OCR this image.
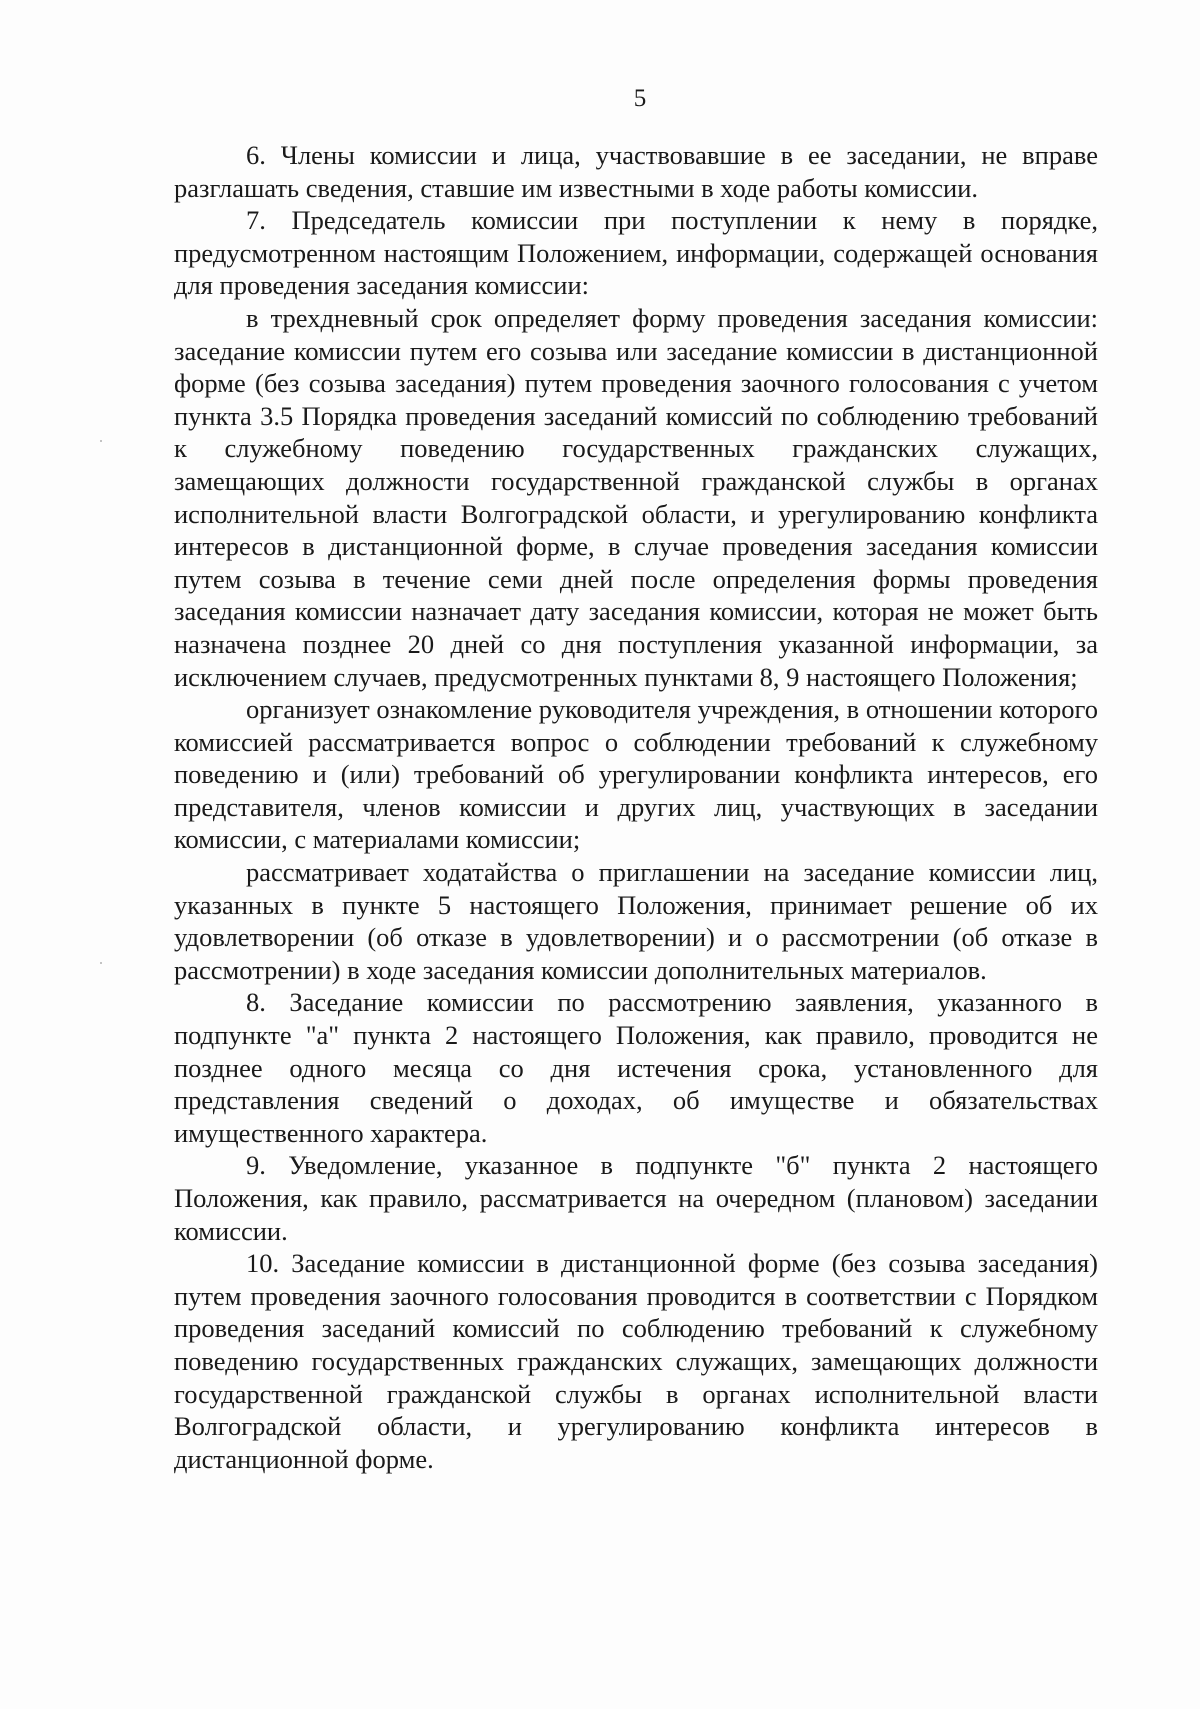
5

6. Члены комиссии и лица, участвовавшие в ее заседании, не вправе разглашать сведения, ставшие им известными в ходе работы комиссии.

7. Председатель комиссии при поступлении к нему в порядке, предусмотренном настоящим Положением, информации, содержащей основания для проведения заседания комиссии:

в трехдневный срок определяет форму проведения заседания комиссии: заседание комиссии путем его созыва или заседание комиссии в дистанционной форме (без созыва заседания) путем проведения заочного голосования с учетом пункта 3.5 Порядка проведения заседаний комиссий по соблюдению требований к служебному поведению государственных гражданских служащих, замещающих должности государственной гражданской службы в органах исполнительной власти Волгоградской области, и урегулированию конфликта интересов в дистанционной форме, в случае проведения заседания комиссии путем созыва в течение семи дней после определения формы проведения заседания комиссии назначает дату заседания комиссии, которая не может быть назначена позднее 20 дней со дня поступления указанной информации, за исключением случаев, предусмотренных пунктами 8, 9 настоящего Положения;

организует ознакомление руководителя учреждения, в отношении которого комиссией рассматривается вопрос о соблюдении требований к служебному поведению и (или) требований об урегулировании конфликта интересов, его представителя, членов комиссии и других лиц, участвующих в заседании комиссии, с материалами комиссии;

рассматривает ходатайства о приглашении на заседание комиссии лиц, указанных в пункте 5 настоящего Положения, принимает решение об их удовлетворении (об отказе в удовлетворении) и о рассмотрении (об отказе в рассмотрении) в ходе заседания комиссии дополнительных материалов.

8. Заседание комиссии по рассмотрению заявления, указанного в подпункте "а" пункта 2 настоящего Положения, как правило, проводится не позднее одного месяца со дня истечения срока, установленного для представления сведений о доходах, об имуществе и обязательствах имущественного характера.

9. Уведомление, указанное в подпункте "б" пункта 2 настоящего Положения, как правило, рассматривается на очередном (плановом) заседании комиссии.

10. Заседание комиссии в дистанционной форме (без созыва заседания) путем проведения заочного голосования проводится в соответствии с Порядком проведения заседаний комиссий по соблюдению требований к служебному поведению государственных гражданских служащих, замещающих должности государственной гражданской службы в органах исполнительной власти Волгоградской области, и урегулированию конфликта интересов в дистанционной форме.
